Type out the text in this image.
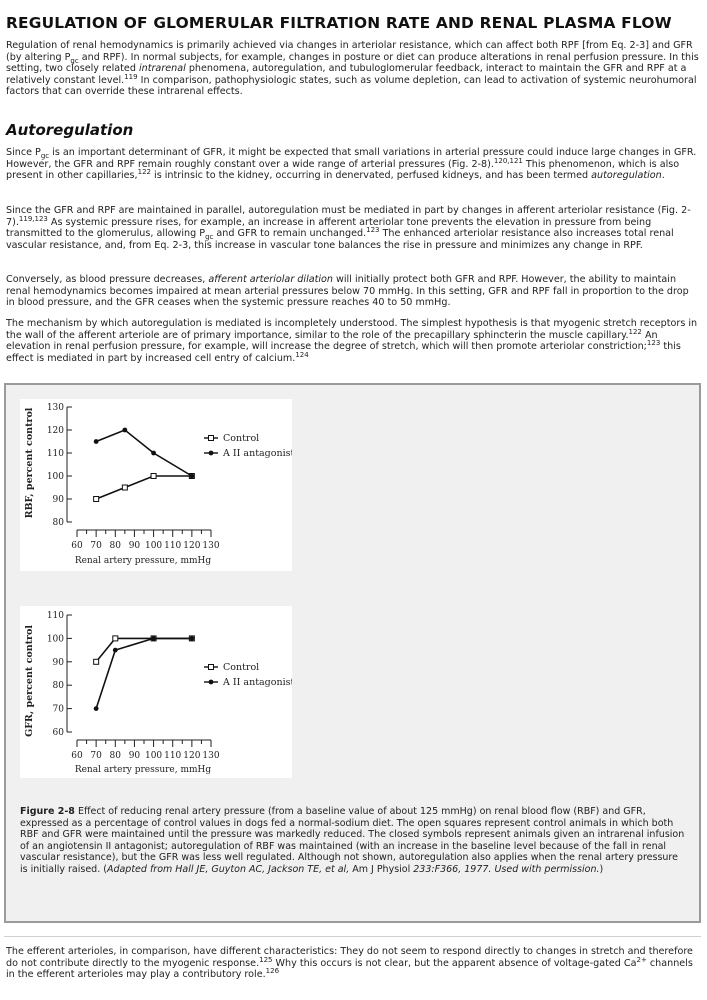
REGULATION OF GLOMERULAR FILTRATION RATE AND RENAL PLASMA FLOW

Regulation of renal hemodynamics is primarily achieved via changes in arteriolar resistance, which can affect both RPF [from Eq. 2-3] and GFR (by altering $P_{gc}$ and RPF). In normal subjects, for example, changes in posture or diet can produce alterations in renal perfusion pressure. In this setting, two closely related intrarenal phenomena, autoregulation, and tubuloglomerular feedback, interact to maintain the GFR and RPF at a relatively constant level.$^{119}$ In comparison, pathophysiologic states, such as volume depletion, can lead to activation of systemic neurohumoral factors that can override these intrarenal effects.

Autoregulation

Since $P_{gc}$ is an important determinant of GFR, it might be expected that small variations in arterial pressure could induce large changes in GFR. However, the GFR and RPF remain roughly constant over a wide range of arterial pressures (Fig. 2-8).$^{120,121}$ This phenomenon, which is also present in other capillaries,$^{122}$ is intrinsic to the kidney, occurring in denervated, perfused kidneys, and has been termed autoregulation.

Since the GFR and RPF are maintained in parallel, autoregulation must be mediated in part by changes in afferent arteriolar resistance (Fig. 2-7).$^{119,123}$ As systemic pressure rises, for example, an increase in afferent arteriolar tone prevents the elevation in pressure from being transmitted to the glomerulus, allowing $P_{gc}$ and GFR to remain unchanged.$^{123}$ The enhanced arteriolar resistance also increases total renal vascular resistance, and, from Eq. 2-3, this increase in vascular tone balances the rise in pressure and minimizes any change in RPF.

Conversely, as blood pressure decreases, afferent arteriolar dilation will initially protect both GFR and RPF. However, the ability to maintain renal hemodynamics becomes impaired at mean arterial pressures below 70 mmHg. In this setting, GFR and RPF fall in proportion to the drop in blood pressure, and the GFR ceases when the systemic pressure reaches 40 to 50 mmHg.

The mechanism by which autoregulation is mediated is incompletely understood. The simplest hypothesis is that myogenic stretch receptors in the wall of the afferent arteriole are of primary importance, similar to the role of the precapillary sphincterin the muscle capillary.$^{122}$ An elevation in renal perfusion pressure, for example, will increase the degree of stretch, which will then promote arteriolar constriction;$^{123}$ this effect is mediated in part by increased cell entry of calcium.$^{124}$

RBF, percent control
Renal artery pressure, mmHg
Control
A II antagonist
80
90
100
110
120
130
60 70 80 90 100 110 120 130
GFR, percent control
Renal artery pressure, mmHg
Control
A II antagonist
60
70
80
90
100
110
60 70 80 90 100 110 120 130

Figure 2-8 Effect of reducing renal artery pressure (from a baseline value of about 125 mmHg) on renal blood flow (RBF) and GFR, expressed as a percentage of control values in dogs fed a normal-sodium diet. The open squares represent control animals in which both RBF and GFR were maintained until the pressure was markedly reduced. The closed symbols represent animals given an intrarenal infusion of an angiotensin II antagonist; autoregulation of RBF was maintained (with an increase in the baseline level because of the fall in renal vascular resistance), but the GFR was less well regulated. Although not shown, autoregulation also applies when the renal artery pressure is initially raised. (Adapted from Hall JE, Guyton AC, Jackson TE, et al, Am J Physiol 233:F366, 1977. Used with permission.)

The efferent arterioles, in comparison, have different characteristics: They do not seem to respond directly to changes in stretch and therefore do not contribute directly to the myogenic response.$^{125}$ Why this occurs is not clear, but the apparent absence of voltage-gated $Ca^{2+}$ channels in the efferent arterioles may play a contributory role.$^{126}$
